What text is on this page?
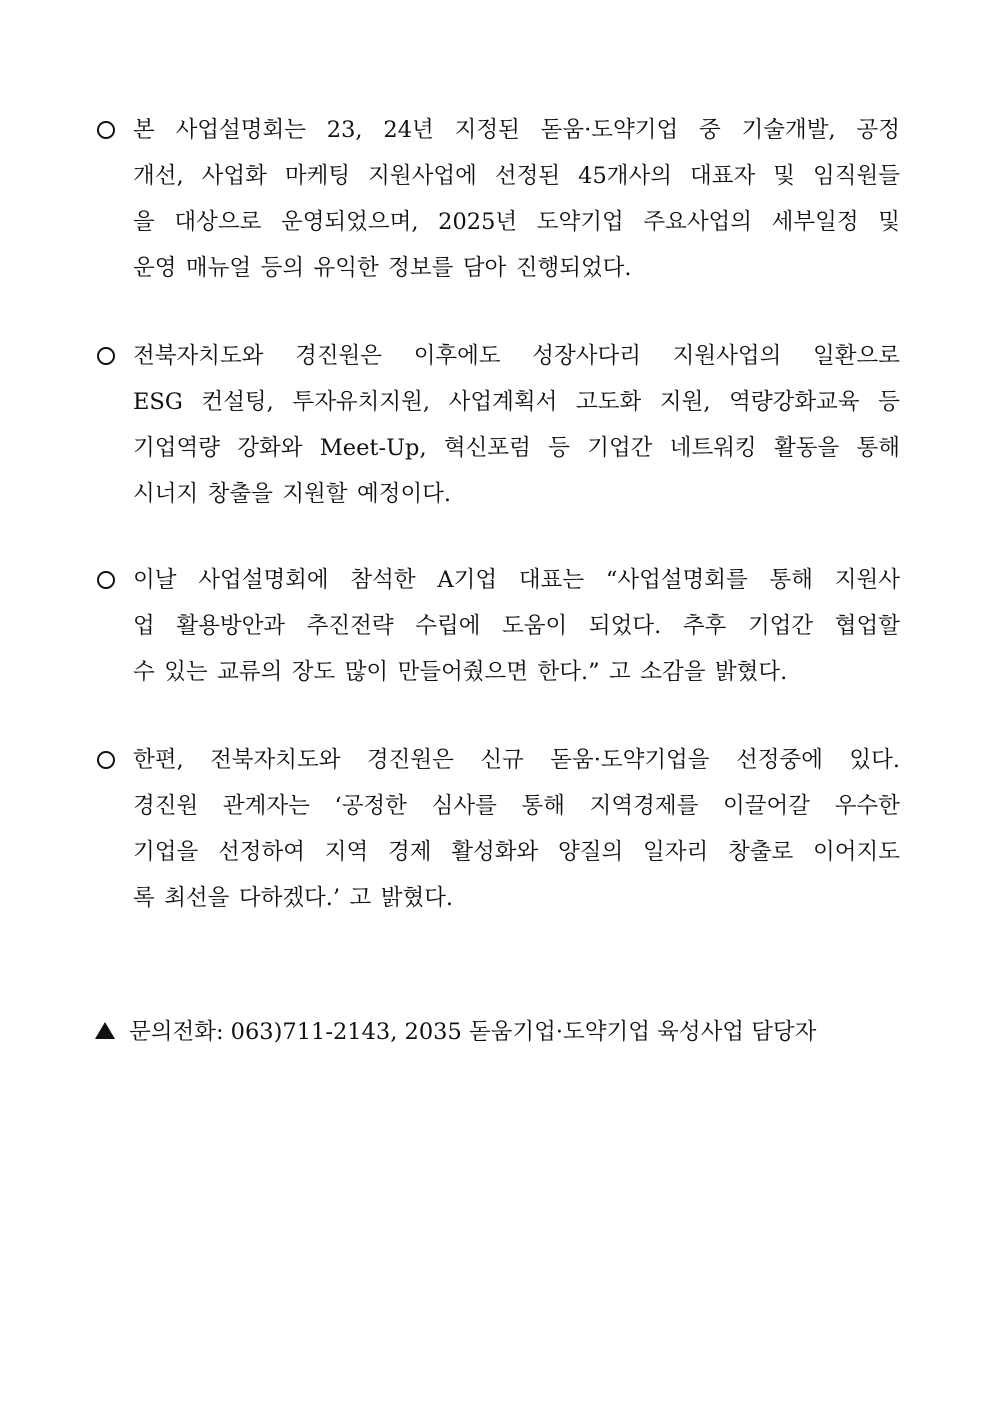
본 사업설명회는 23, 24년 지정된 돋움·도약기업 중 기술개발, 공정
개선, 사업화 마케팅 지원사업에 선정된 45개사의 대표자 및 임직원들
을 대상으로 운영되었으며, 2025년 도약기업 주요사업의 세부일정 및
운영 매뉴얼 등의 유익한 정보를 담아 진행되었다.
전북자치도와 경진원은 이후에도 성장사다리 지원사업의 일환으로
ESG 컨설팅, 투자유치지원, 사업계획서 고도화 지원, 역량강화교육 등
기업역량 강화와 Meet-Up, 혁신포럼 등 기업간 네트워킹 활동을 통해
시너지 창출을 지원할 예정이다.
이날 사업설명회에 참석한 A기업 대표는 “사업설명회를 통해 지원사
업 활용방안과 추진전략 수립에 도움이 되었다. 추후 기업간 협업할
수 있는 교류의 장도 많이 만들어줬으면 한다.” 고 소감을 밝혔다.
한편, 전북자치도와 경진원은 신규 돋움·도약기업을 선정중에 있다.
경진원 관계자는 ‘공정한 심사를 통해 지역경제를 이끌어갈 우수한
기업을 선정하여 지역 경제 활성화와 양질의 일자리 창출로 이어지도
록 최선을 다하겠다.’ 고 밝혔다.
문의전화: 063)711-2143, 2035 돋움기업·도약기업 육성사업 담당자
